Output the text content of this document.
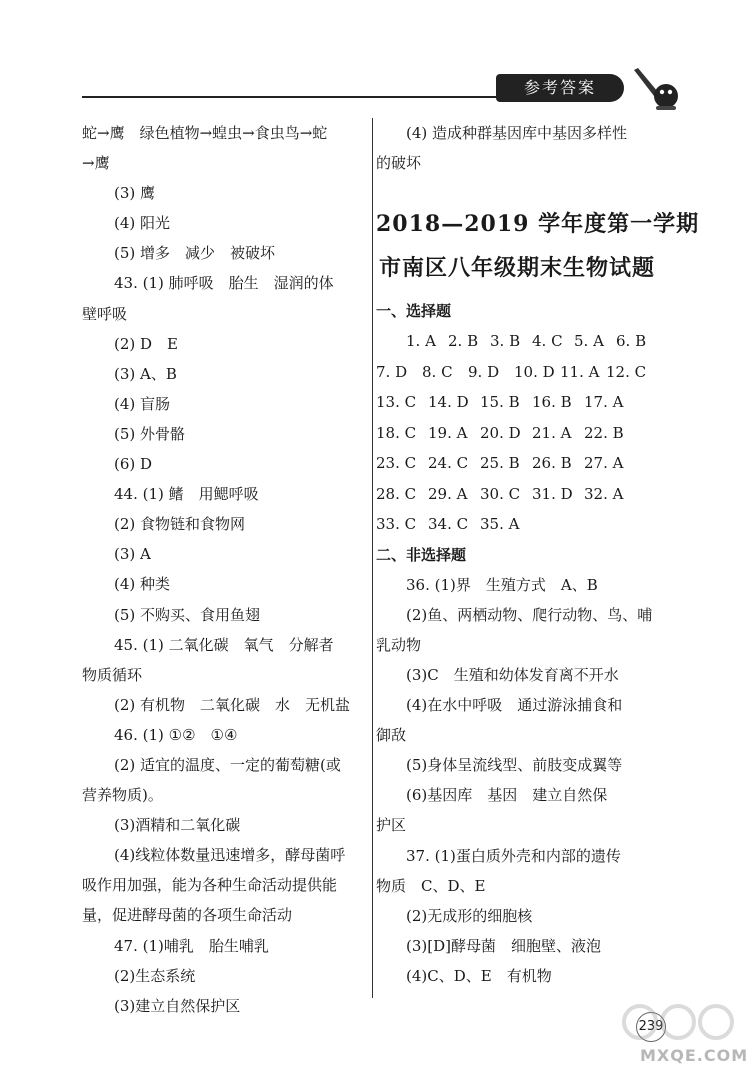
参考答案
蛇→鹰　绿色植物→蝗虫→食虫鸟→蛇
→鹰
(3) 鹰
(4) 阳光
(5) 增多　减少　被破坏
43. (1) 肺呼吸　胎生　湿润的体
壁呼吸
(2) D　E
(3) A、B
(4) 盲肠
(5) 外骨骼
(6) D
44. (1) 鳍　用鳃呼吸
(2) 食物链和食物网
(3) A
(4) 种类
(5) 不购买、食用鱼翅
45. (1) 二氧化碳　氧气　分解者
物质循环
(2) 有机物　二氧化碳　水　无机盐
46. (1) ①②　①④
(2) 适宜的温度、一定的葡萄糖(或
营养物质)。
(3)酒精和二氧化碳
(4)线粒体数量迅速增多，酵母菌呼
吸作用加强，能为各种生命活动提供能
量，促进酵母菌的各项生命活动
47. (1)哺乳　胎生哺乳
(2)生态系统
(3)建立自然保护区
(4) 造成种群基因库中基因多样性
的破坏
2018—2019 学年度第一学期
市南区八年级期末生物试题
一、选择题
1. A 2. B 3. B 4. C 5. A 6. B
7. D 8. C	9. D 10. D 11. A 12. C
13. C 14. D 15. B 16. B 17. A
18. C 19. A 20. D 21. A 22. B
23. C 24. C 25. B 26. B 27. A
28. C 29. A 30. C 31. D 32. A
33. C 34. C 35. A
二、非选择题
36. (1)界　生殖方式　A、B
(2)鱼、两栖动物、爬行动物、鸟、哺
乳动物
(3)C　生殖和幼体发育离不开水
(4)在水中呼吸　通过游泳捕食和
御敌
(5)身体呈流线型、前肢变成翼等
(6)基因库　基因　建立自然保
护区
37. (1)蛋白质外壳和内部的遗传
物质　C、D、E
(2)无成形的细胞核
(3)[D]酵母菌　细胞壁、液泡
(4)C、D、E　有机物
239
MXQE.COM
